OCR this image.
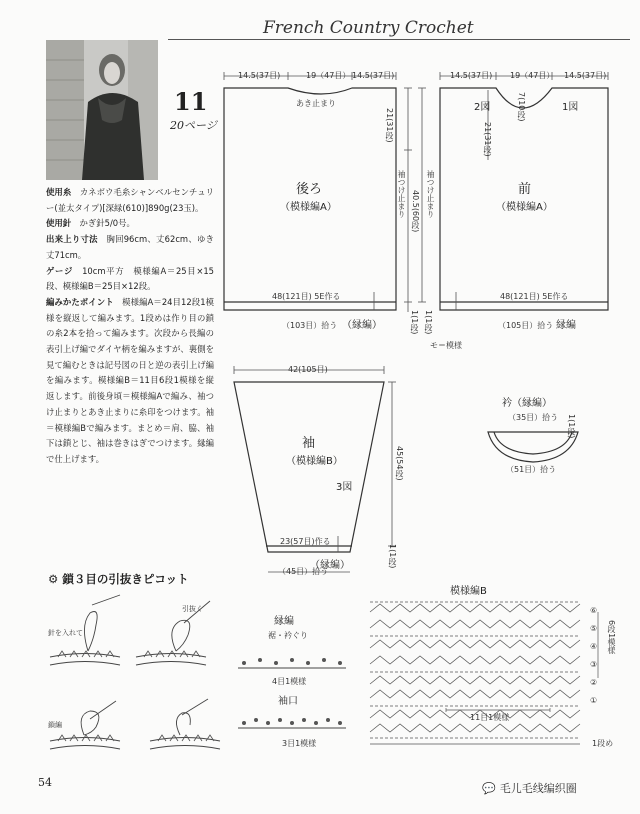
French Country Crochet
11
20ページ

使用糸　 カネボウ毛糸シャンベルセンチュリー(並太タイプ)[深緑(610)]890g(23玉)。

使用針　 かぎ針5/0号。

出来上り寸法　 胸回96cm、丈62cm、ゆき丈71cm。

ゲージ　 10cm平方　模様編A＝25目×15段、模様編B＝25目×12段。

編みかたポイント　 模様編A＝24目12段1模様を縦返して編みます。1段めは作り目の鎖の糸2本を拾って編みます。次段から長編の表引上げ編でダイヤ柄を編みますが、裏側を見て編むときは記号図の日と逆の表引上げ編を編みます。模様編B＝11目6段1模様を縦返します。前後身頃＝模様編Aで編み、袖つけ止まりとあき止まりに糸印をつけます。袖＝模様編Bで編みます。まとめ＝肩、脇、袖下は鎖とじ、袖は巻きはぎでつけます。縁編で仕上げます。

14.5(37目)	19（47目） 14.5(37目)
あき止まり
後ろ
（模様編A）
21(31段)
40.5(60段)
袖つけ止まり
48(121目) 5E作る
（103目）拾う （縁編）	1(1段)
14.5(37目) 19（47目） 14.5(37目)
2図	1図
7(10段)
21(31段)
前
（模様編A）
袖つけ止まり
48(121目) 5E作る
（105目）拾う 縁編
1(1段)
モ＝模様
42(105目)
袖
（模様編B）
3図
45(54段)
23(57目)作る
（縁編）
（45目）拾う
1(1段)
衿（縁編）
（35目）拾う
（51目）拾う
1(1段)
⚙ 鎖３目の引抜きピコット
針を入れて
引抜く
鎖編
縁編
裾・衿ぐり
4目1模様
袖口
3目1模様
模様編B
⑥
⑤
④
③
②
①
6段1模様
11目1模様
1段め
54	💬 毛儿毛线编织圈
